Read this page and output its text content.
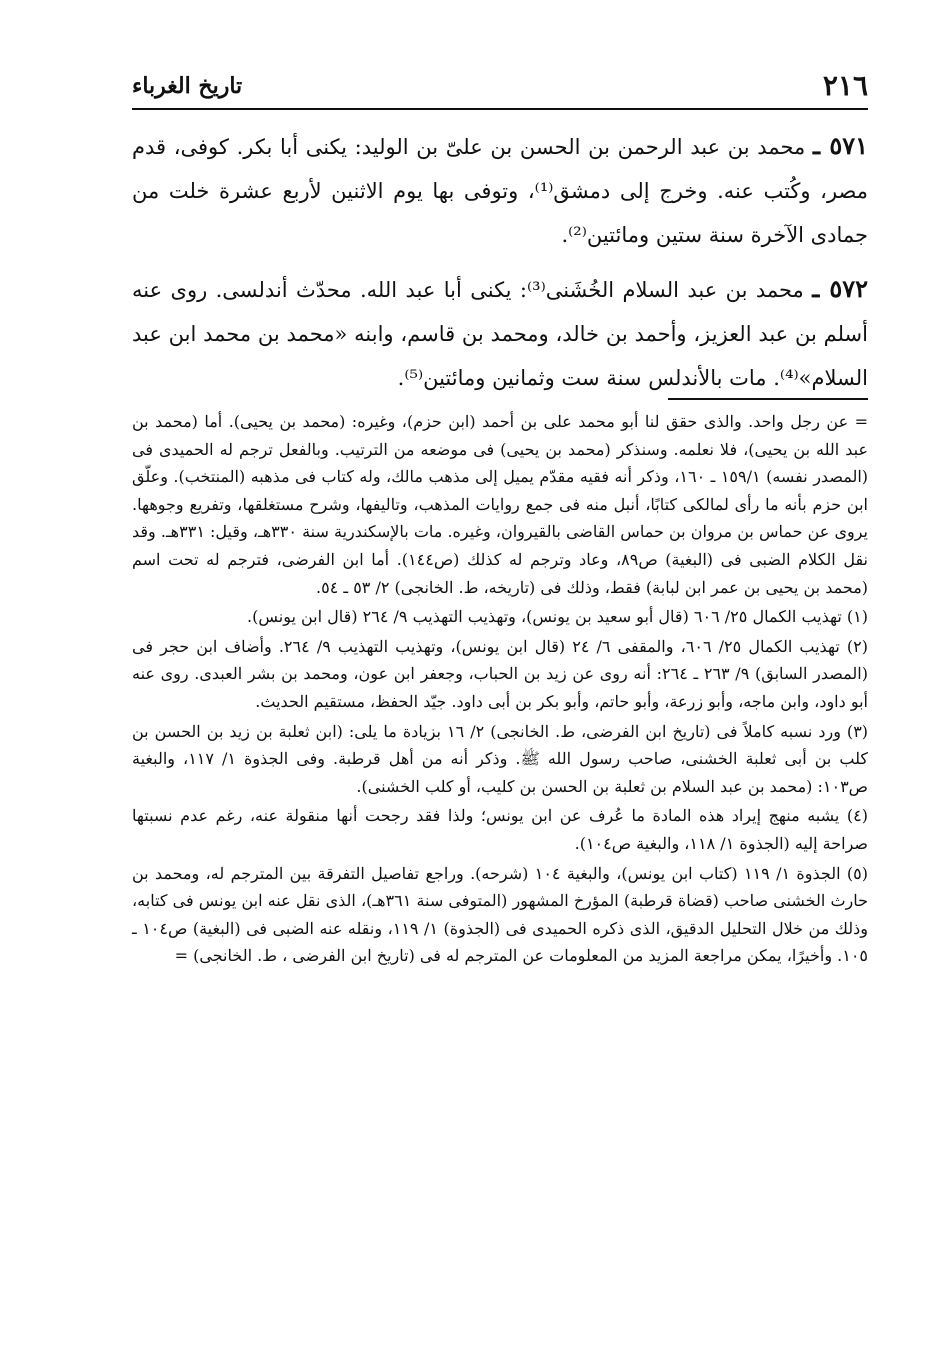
٢١٦
تاريخ الغرباء

٥٧١ ـ محمد بن عبد الرحمن بن الحسن بن علىّ بن الوليد: يكنى أبا بكر. كوفى، قدم مصر، وكُتب عنه. وخرج إلى دمشق⁽¹⁾، وتوفى بها يوم الاثنين لأربع عشرة خلت من جمادى الآخرة سنة ستين ومائتين⁽²⁾.

٥٧٢ ـ محمد بن عبد السلام الخُشَنى⁽³⁾: يكنى أبا عبد الله. محدّث أندلسى. روى عنه أسلم بن عبد العزيز، وأحمد بن خالد، ومحمد بن قاسم، وابنه «محمد بن محمد ابن عبد السلام»⁽⁴⁾. مات بالأندلس سنة ست وثمانين ومائتين⁽⁵⁾.

= عن رجل واحد. والذى حقق لنا أبو محمد على بن أحمد (ابن حزم)، وغيره: (محمد بن يحيى). أما (محمد بن عبد الله بن يحيى)، فلا نعلمه. وسنذكر (محمد بن يحيى) فى موضعه من الترتيب. وبالفعل ترجم له الحميدى فى (المصدر نفسه) ١٥٩/١ ـ ١٦٠، وذكر أنه فقيه مقدّم يميل إلى مذهب مالك، وله كتاب فى مذهبه (المنتخب). وعلّق ابن حزم بأنه ما رأى لمالكى كتابًا، أنبل منه فى جمع روايات المذهب، وتاليفها، وشرح مستغلقها، وتفريع وجوهها. يروى عن حماس بن مروان بن حماس القاضى بالقيروان، وغيره. مات بالإسكندرية سنة ٣٣٠هـ، وقيل: ٣٣١هـ. وقد نقل الكلام الضبى فى (البغية) ص٨٩، وعاد وترجم له كذلك (ص١٤٤). أما ابن الفرضى، فترجم له تحت اسم (محمد بن يحيى بن عمر ابن لبابة) فقط، وذلك فى (تاريخه، ط. الخانجى) ٢/ ٥٣ ـ ٥٤.

(١) تهذيب الكمال ٢٥/ ٦٠٦ (قال أبو سعيد بن يونس)، وتهذيب التهذيب ٩/ ٢٦٤ (قال ابن يونس).

(٢) تهذيب الكمال ٢٥/ ٦٠٦، والمقفى ٦/ ٢٤ (قال ابن يونس)، وتهذيب التهذيب ٩/ ٢٦٤. وأضاف ابن حجر فى (المصدر السابق) ٩/ ٢٦٣ ـ ٢٦٤: أنه روى عن زيد بن الحباب، وجعفر ابن عون، ومحمد بن بشر العبدى. روى عنه أبو داود، وابن ماجه، وأبو زرعة، وأبو حاتم، وأبو بكر بن أبى داود. جيّد الحفظ، مستقيم الحديث.

(٣) ورد نسبه كاملاً فى (تاريخ ابن الفرضى، ط. الخانجى) ٢/ ١٦ بزيادة ما يلى: (ابن ثعلبة بن زيد بن الحسن بن كلب بن أبى ثعلبة الخشنى، صاحب رسول الله ﷺ. وذكر أنه من أهل قرطبة. وفى الجذوة ١/ ١١٧، والبغية ص١٠٣: (محمد بن عبد السلام بن ثعلبة بن الحسن بن كليب، أو كلب الخشنى).

(٤) يشبه منهج إيراد هذه المادة ما عُرف عن ابن يونس؛ ولذا فقد رجحت أنها منقولة عنه، رغم عدم نسبتها صراحة إليه (الجذوة ١/ ١١٨، والبغية ص١٠٤).

(٥) الجذوة ١/ ١١٩ (كتاب ابن يونس)، والبغية ١٠٤ (شرحه). وراجع تفاصيل التفرقة بين المترجم له، ومحمد بن حارث الخشنى صاحب (قضاة قرطبة) المؤرخ المشهور (المتوفى سنة ٣٦١هـ)، الذى نقل عنه ابن يونس فى كتابه، وذلك من خلال التحليل الدقيق، الذى ذكره الحميدى فى (الجذوة) ١/ ١١٩، ونقله عنه الضبى فى (البغية) ص١٠٤ ـ ١٠٥. وأخيرًا، يمكن مراجعة المزيد من المعلومات عن المترجم له فى (تاريخ ابن الفرضى ، ط. الخانجى) =
